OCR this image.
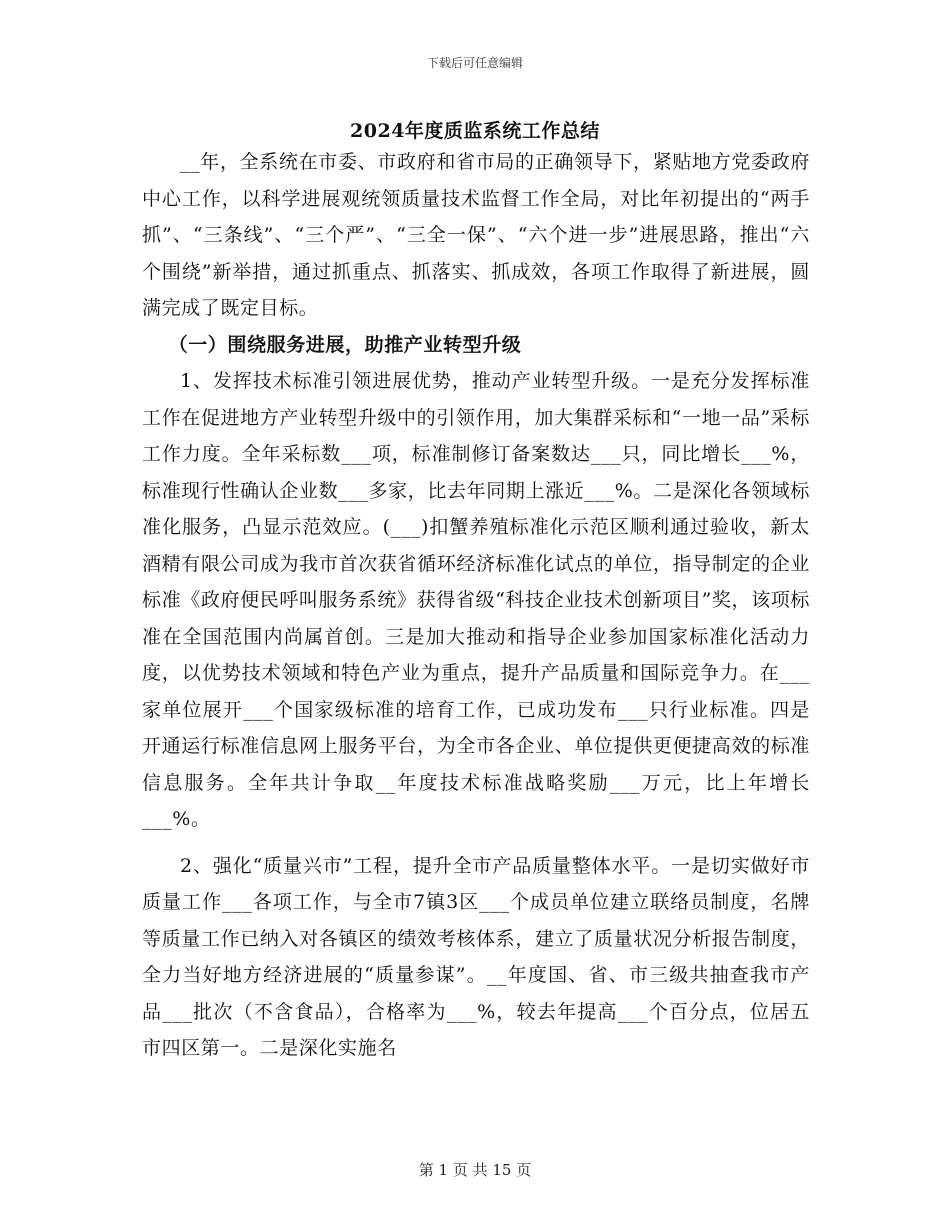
下载后可任意编辑
2024年度质监系统工作总结

__年，全系统在市委、市政府和省市局的正确领导下，紧贴地方党委政府中心工作，以科学进展观统领质量技术监督工作全局，对比年初提出的“两手抓”、“三条线”、“三个严”、“三全一保”、“六个进一步”进展思路，推出“六个围绕”新举措，通过抓重点、抓落实、抓成效，各项工作取得了新进展，圆满完成了既定目标。

（一）围绕服务进展，助推产业转型升级

1、发挥技术标准引领进展优势，推动产业转型升级。一是充分发挥标准工作在促进地方产业转型升级中的引领作用，加大集群采标和“一地一品”采标工作力度。全年采标数___项，标准制修订备案数达___只，同比增长___%，标准现行性确认企业数___多家，比去年同期上涨近___%。二是深化各领域标准化服务，凸显示范效应。(___)扣蟹养殖标准化示范区顺利通过验收，新太酒精有限公司成为我市首次获省循环经济标准化试点的单位，指导制定的企业标准《政府便民呼叫服务系统》获得省级“科技企业技术创新项目”奖，该项标准在全国范围内尚属首创。三是加大推动和指导企业参加国家标准化活动力度，以优势技术领域和特色产业为重点，提升产品质量和国际竞争力。在___家单位展开___个国家级标准的培育工作，已成功发布___只行业标准。四是开通运行标准信息网上服务平台，为全市各企业、单位提供更便捷高效的标准信息服务。全年共计争取__年度技术标准战略奖励___万元，比上年增长___%。

2、强化“质量兴市”工程，提升全市产品质量整体水平。一是切实做好市质量工作___各项工作，与全市7镇3区___个成员单位建立联络员制度，名牌等质量工作已纳入对各镇区的绩效考核体系，建立了质量状况分析报告制度，全力当好地方经济进展的“质量参谋”。__年度国、省、市三级共抽查我市产品___批次（不含食品），合格率为___%，较去年提高___个百分点，位居五市四区第一。二是深化实施名

第 1 页 共 15 页
